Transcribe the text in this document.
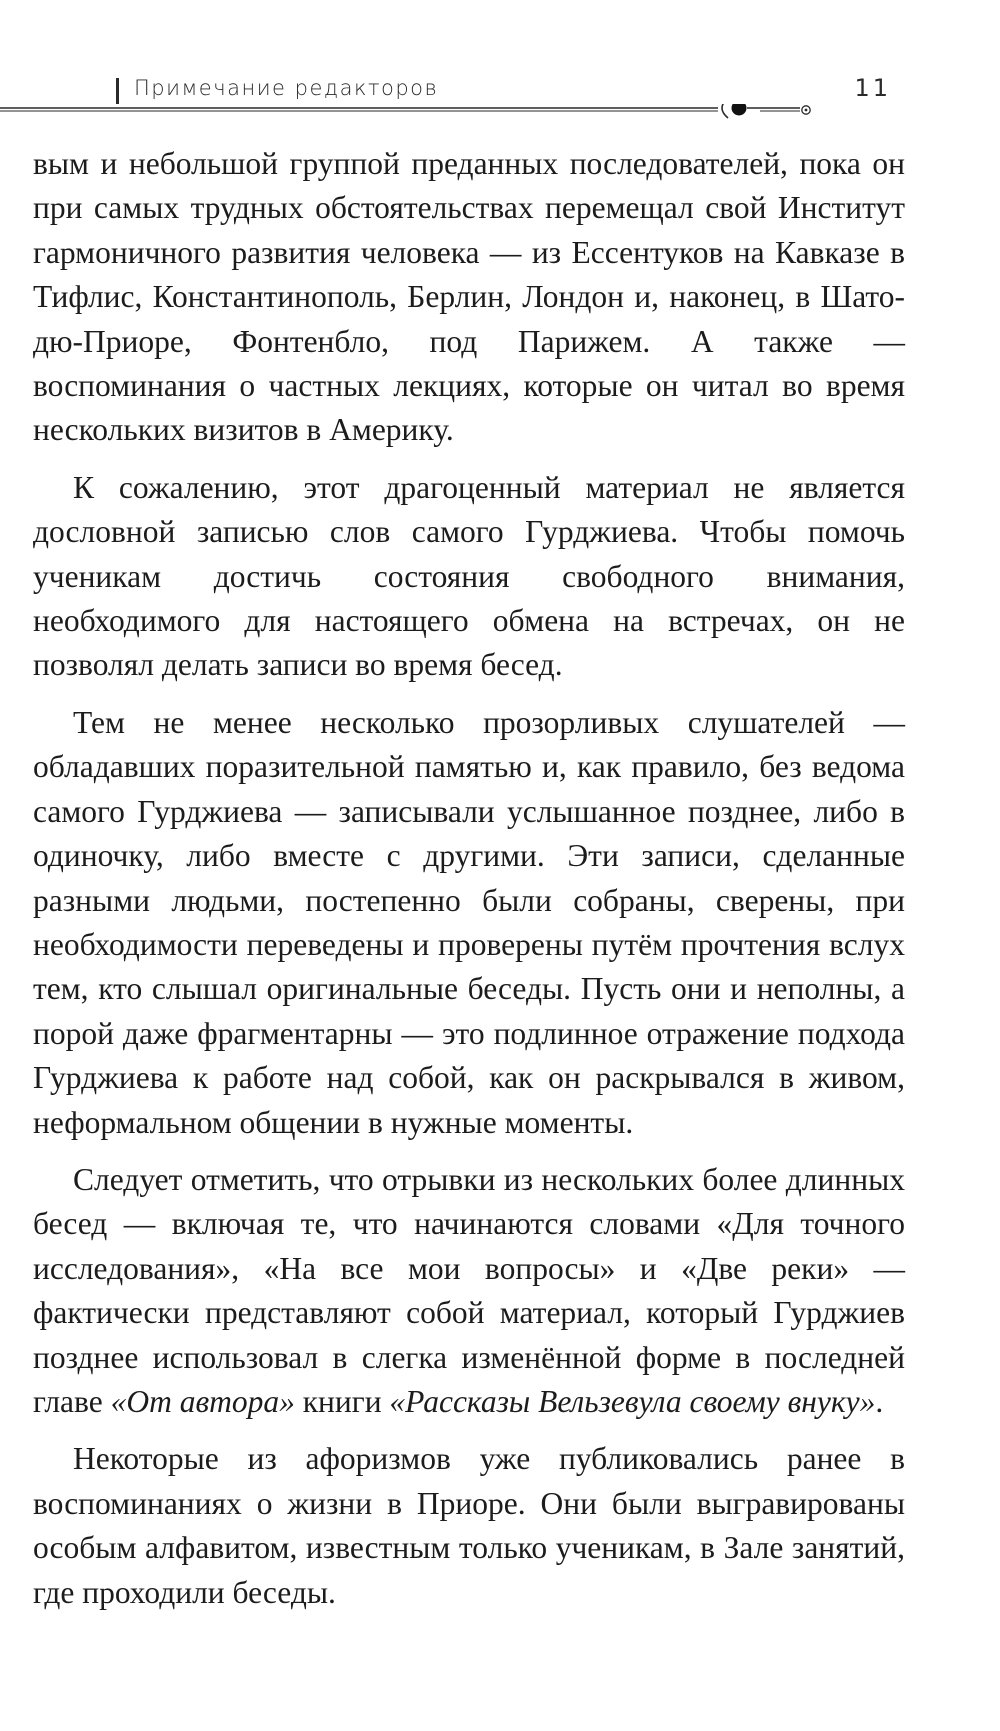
Примечание редакторов	11

вым и небольшой группой преданных последователей, пока он при самых трудных обстоятельствах перемещал свой Институт гармоничного развития человека — из Ессентуков на Кавказе в Тифлис, Константинополь, Берлин, Лондон и, наконец, в Шато-дю-Приоре, Фонтенбло, под Парижем. А также — воспоминания о частных лекциях, которые он читал во время нескольких визитов в Америку.

К сожалению, этот драгоценный материал не является дословной записью слов самого Гурджиева. Чтобы помочь ученикам достичь состояния свободного внимания, необходимого для настоящего обмена на встречах, он не позволял делать записи во время бесед.

Тем не менее несколько прозорливых слушателей — обладавших поразительной памятью и, как правило, без ведома самого Гурджиева — записывали услышанное позднее, либо в одиночку, либо вместе с другими. Эти записи, сделанные разными людьми, постепенно были собраны, сверены, при необходимости переведены и проверены путём прочтения вслух тем, кто слышал оригинальные беседы. Пусть они и неполны, а порой даже фрагментарны — это подлинное отражение подхода Гурджиева к работе над собой, как он раскрывался в живом, неформальном общении в нужные моменты.

Следует отметить, что отрывки из нескольких более длинных бесед — включая те, что начинаются словами «Для точного исследования», «На все мои вопросы» и «Две реки» — фактически представляют собой материал, который Гурджиев позднее использовал в слегка изменённой форме в последней главе «От автора» книги «Рассказы Вельзевула своему внуку».

Некоторые из афоризмов уже публиковались ранее в воспоминаниях о жизни в Приоре. Они были выгравированы особым алфавитом, известным только ученикам, в Зале занятий, где проходили беседы.
